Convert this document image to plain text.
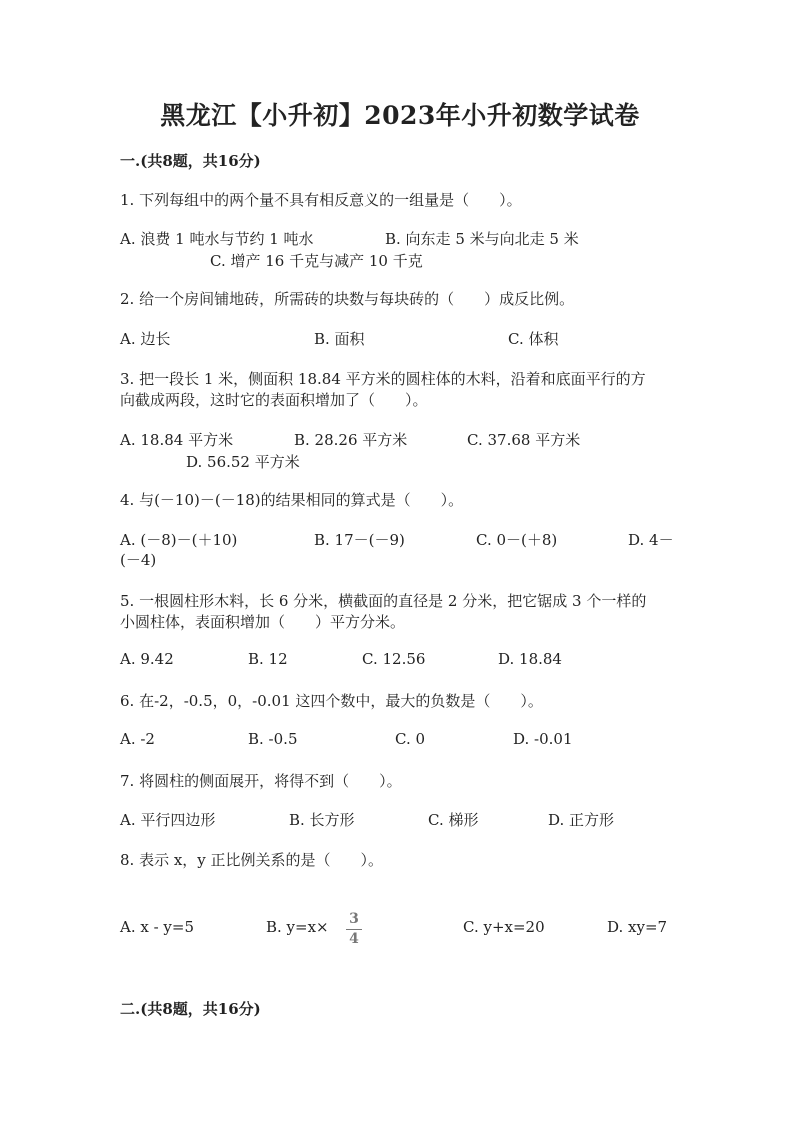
黑龙江【小升初】2023年小升初数学试卷
一.(共8题，共16分)
1. 下列每组中的两个量不具有相反意义的一组量是（　　）。
A. 浪费 1 吨水与节约 1 吨水	B. 向东走 5 米与向北走 5 米
C. 增产 16 千克与减产 10 千克
2. 给一个房间铺地砖，所需砖的块数与每块砖的（　　）成反比例。
A. 边长	B. 面积	C. 体积
3. 把一段长 1 米，侧面积 18.84 平方米的圆柱体的木料，沿着和底面平行的方
向截成两段，这时它的表面积增加了（　　）。
A. 18.84 平方米	B. 28.26 平方米	C. 37.68 平方米
D. 56.52 平方米
4. 与(－10)－(－18)的结果相同的算式是（　　）。
A. (－8)－(＋10)	B. 17－(－9)	C. 0－(＋8)	D. 4－
(－4)
5. 一根圆柱形木料，长 6 分米，横截面的直径是 2 分米，把它锯成 3 个一样的
小圆柱体，表面积增加（　　）平方分米。
A. 9.42	B. 12	C. 12.56	D. 18.84
6. 在-2，-0.5，0，-0.01 这四个数中，最大的负数是（　　）。
A. -2	B. -0.5	C. 0	D. -0.01
7. 将圆柱的侧面展开，将得不到（　　）。
A. 平行四边形	B. 长方形	C. 梯形	D. 正方形
8. 表示 x，y 正比例关系的是（　　）。
A. x - y=5	B. y=x×	3
4
C. y+x=20	D. xy=7
二.(共8题，共16分)
